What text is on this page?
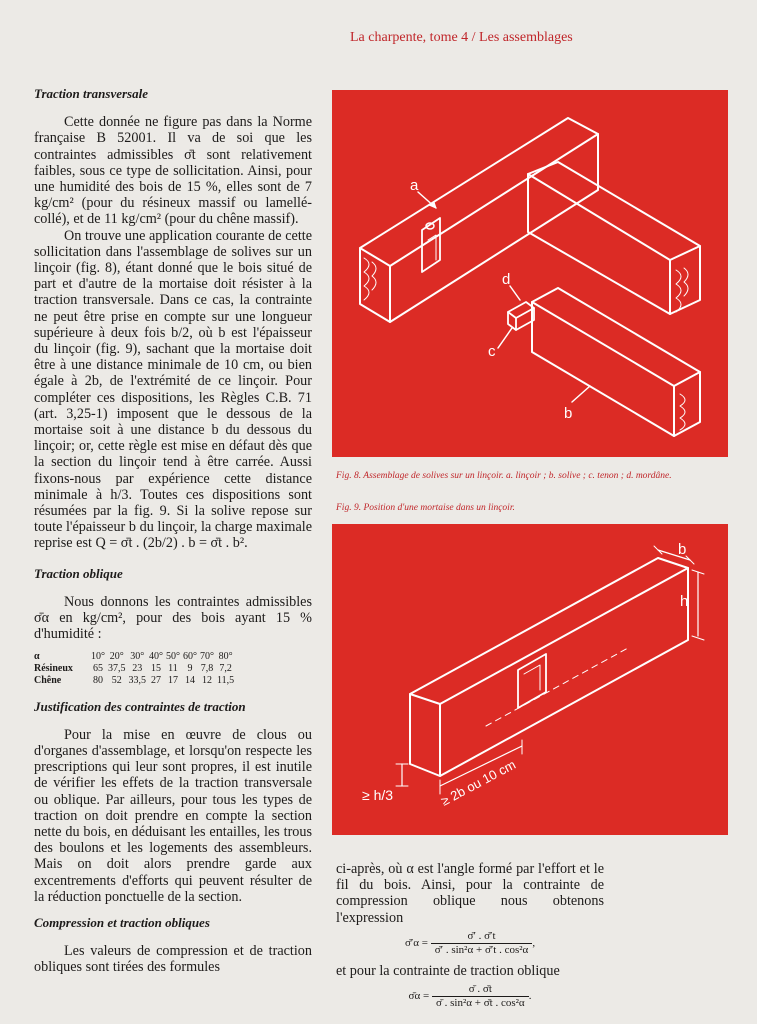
La charpente, tome 4 / Les assemblages
Traction transversale

Cette donnée ne figure pas dans la Norme française B 52001. Il va de soi que les contraintes admissibles σ̄t sont relativement faibles, sous ce type de sollicitation. Ainsi, pour une humidité des bois de 15 %, elles sont de 7 kg/cm² (pour du résineux massif ou lamellé-collé), et de 11 kg/cm² (pour du chêne massif).

On trouve une application courante de cette sollicitation dans l'assemblage de solives sur un linçoir (fig. 8), étant donné que le bois situé de part et d'autre de la mortaise doit résister à la traction transversale. Dans ce cas, la contrainte ne peut être prise en compte sur une longueur supérieure à deux fois b/2, où b est l'épaisseur du linçoir (fig. 9), sachant que la mortaise doit être à une distance minimale de 10 cm, ou bien égale à 2b, de l'extrémité de ce linçoir. Pour compléter ces dispositions, les Règles C.B. 71 (art. 3,25-1) imposent que le dessous de la mortaise soit à une distance b du dessous du linçoir; or, cette règle est mise en défaut dès que la section du linçoir tend à être carrée. Aussi fixons-nous par expérience cette distance minimale à h/3. Toutes ces dispositions sont résumées par la fig. 9. Si la solive repose sur toute l'épaisseur b du linçoir, la charge maximale reprise est Q = σ̄t . (2b/2) . b = σ̄t . b².

Traction oblique

Nous donnons les contraintes admissibles σ̄α en kg/cm², pour des bois ayant 15 % d'humidité :

α	10°	20°	30°	40°	50°	60°	70°	80°
Résineux	65	37,5	23	15	11	9	7,8	7,2
Chêne	80	52	33,5	27	17	14	12	11,5
Justification des contraintes de traction

Pour la mise en œuvre de clous ou d'organes d'assemblage, et lorsqu'on respecte les prescriptions qui leur sont propres, il est inutile de vérifier les effets de la traction transversale ou oblique. Par ailleurs, pour tous les types de traction on doit prendre en compte la section nette du bois, en déduisant les entailles, les trous des boulons et les logements des assembleurs. Mais on doit alors prendre garde aux excentrements d'efforts qui peuvent résulter de la réduction ponctuelle de la section.

Compression et traction obliques

Les valeurs de compression et de traction obliques sont tirées des formules

a
d
c
b
Fig. 8. Assemblage de solives sur un linçoir. a. linçoir ; b. solive ; c. tenon ; d. mordâne.
Fig. 9. Position d'une mortaise dans un linçoir.
b
h
≥ h/3	≥ 2b ou 10 cm

ci-après, où α est l'angle formé par l'effort et le fil du bois. Ainsi, pour la contrainte de compression oblique nous obtenons l'expression

σ̄′α = $\frac{\sigmā' . \sigmā't}{\text{σ̄′ . sin²α + σ̄′t . cos²α}}$ ,

et pour la contrainte de traction oblique

σ̄α = $\frac{\sigmā . \sigmāt}{\text{σ̄ . sin²α + σ̄t . cos²α}}$ .
